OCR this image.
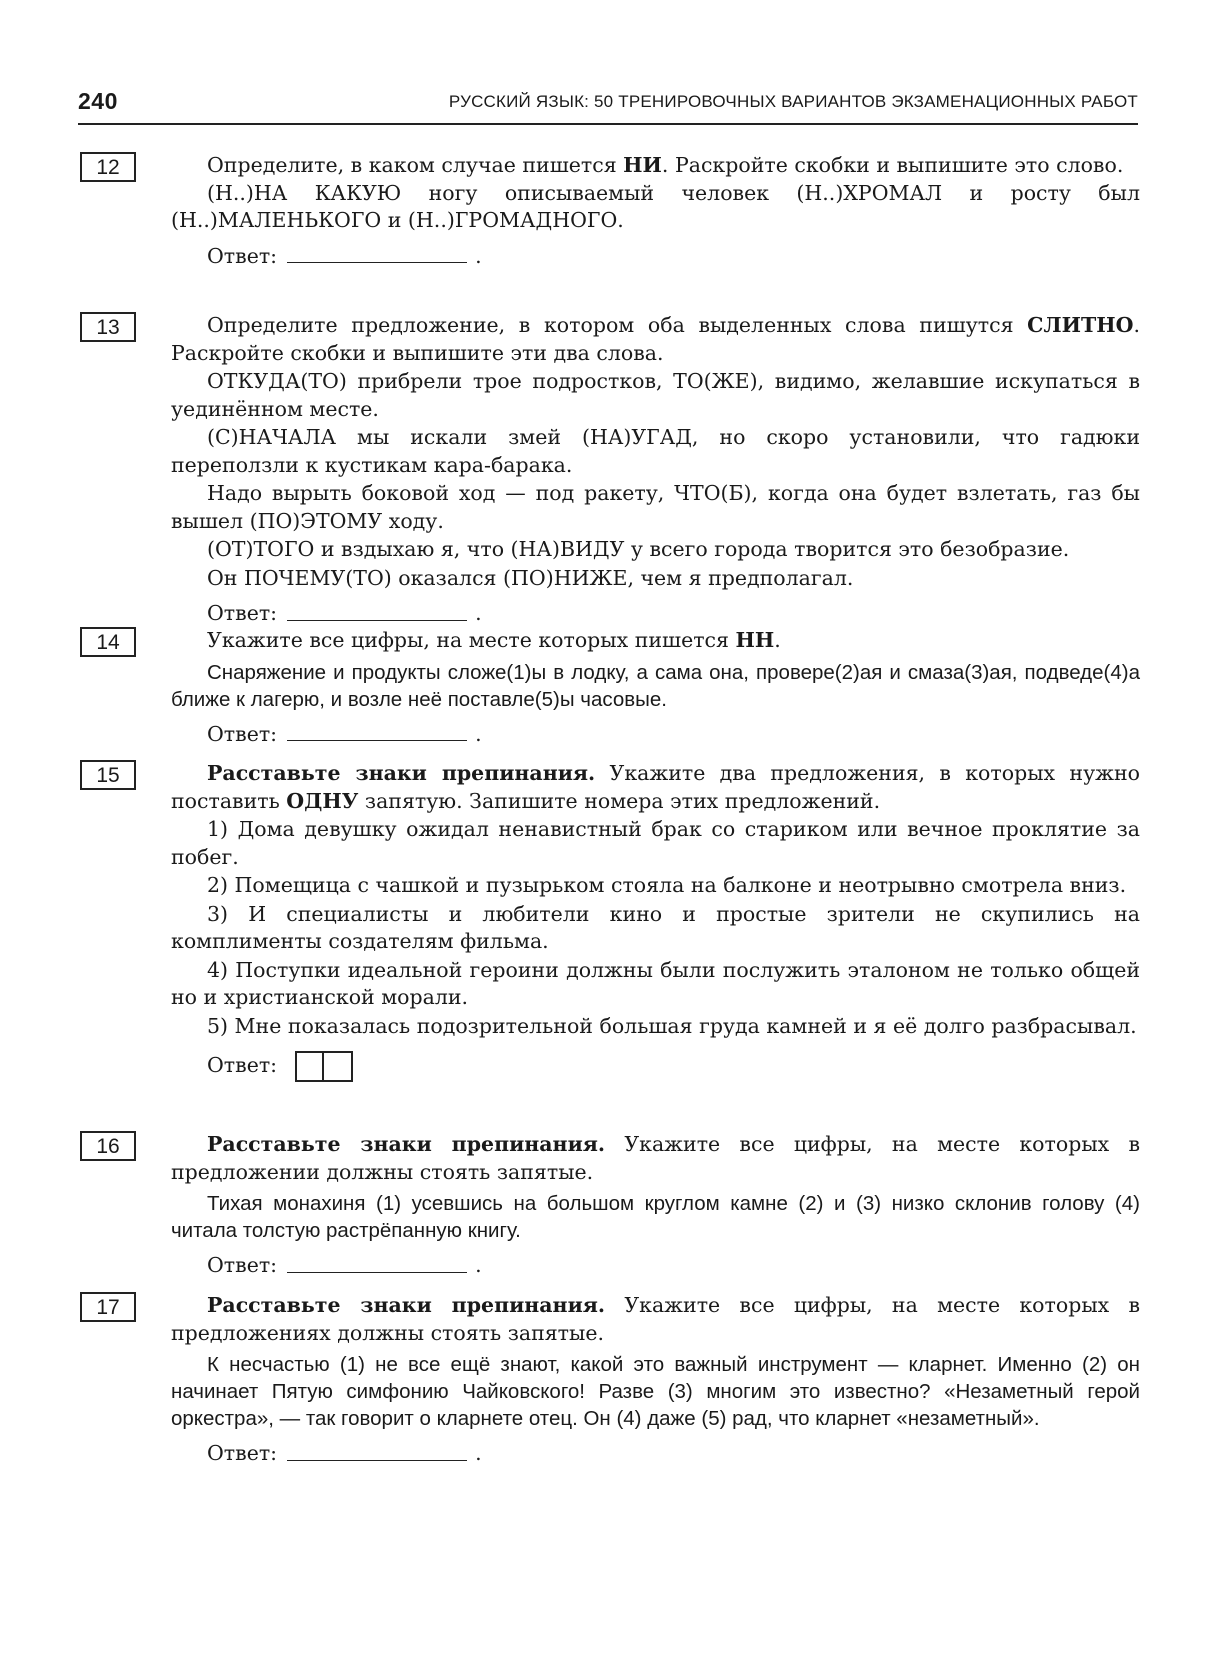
240	РУССКИЙ ЯЗЫК: 50 ТРЕНИРОВОЧНЫХ ВАРИАНТОВ ЭКЗАМЕНАЦИОННЫХ РАБОТ
12	Определите, в каком случае пишется НИ. Раскройте скобки и выпишите это слово.

(Н..)НА КАКУЮ ногу описываемый человек (Н..)ХРОМАЛ и росту был (Н..)МАЛЕНЬКОГО и (Н..)ГРОМАДНОГО.

Ответ:	.
13	Определите предложение, в котором оба выделенных слова пишутся СЛИТНО. Раскройте скобки и выпишите эти два слова.

ОТКУДА(ТО) прибрели трое подростков, ТО(ЖЕ), видимо, желавшие искупаться в уединённом месте.

(С)НАЧАЛА мы искали змей (НА)УГАД, но скоро установили, что гадюки переползли к кустикам кара-барака.

Надо вырыть боковой ход — под ракету, ЧТО(Б), когда она будет взлетать, газ бы вышел (ПО)ЭТОМУ ходу.

(ОТ)ТОГО и вздыхаю я, что (НА)ВИДУ у всего города творится это безобразие.

Он ПОЧЕМУ(ТО) оказался (ПО)НИЖЕ, чем я предполагал.

Ответ:	.
14	Укажите все цифры, на месте которых пишется НН.

Снаряжение и продукты сложе(1)ы в лодку, а сама она, провере(2)ая и смаза(3)ая, подведе(4)а ближе к лагерю, и возле неё поставле(5)ы часовые.

Ответ:	.
15	Расставьте знаки препинания. Укажите два предложения, в которых нужно поставить ОДНУ запятую. Запишите номера этих предложений.

1) Дома девушку ожидал ненавистный брак со стариком или вечное проклятие за побег.

2) Помещица с чашкой и пузырьком стояла на балконе и неотрывно смотрела вниз.

3) И специалисты и любители кино и простые зрители не скупились на комплименты создателям фильма.

4) Поступки идеальной героини должны были послужить эталоном не только общей но и христианской морали.

5) Мне показалась подозрительной большая груда камней и я её долго разбрасывал.

Ответ:
16	Расставьте знаки препинания. Укажите все цифры, на месте которых в предложении должны стоять запятые.

Тихая монахиня (1) усевшись на большом круглом камне (2) и (3) низко склонив голову (4) читала толстую растрёпанную книгу.

Ответ:	.
17	Расставьте знаки препинания. Укажите все цифры, на месте которых в предложениях должны стоять запятые.

К несчастью (1) не все ещё знают, какой это важный инструмент — кларнет. Именно (2) он начинает Пятую симфонию Чайковского! Разве (3) многим это известно? «Незаметный герой оркестра», — так говорит о кларнете отец. Он (4) даже (5) рад, что кларнет «незаметный».

Ответ:	.
